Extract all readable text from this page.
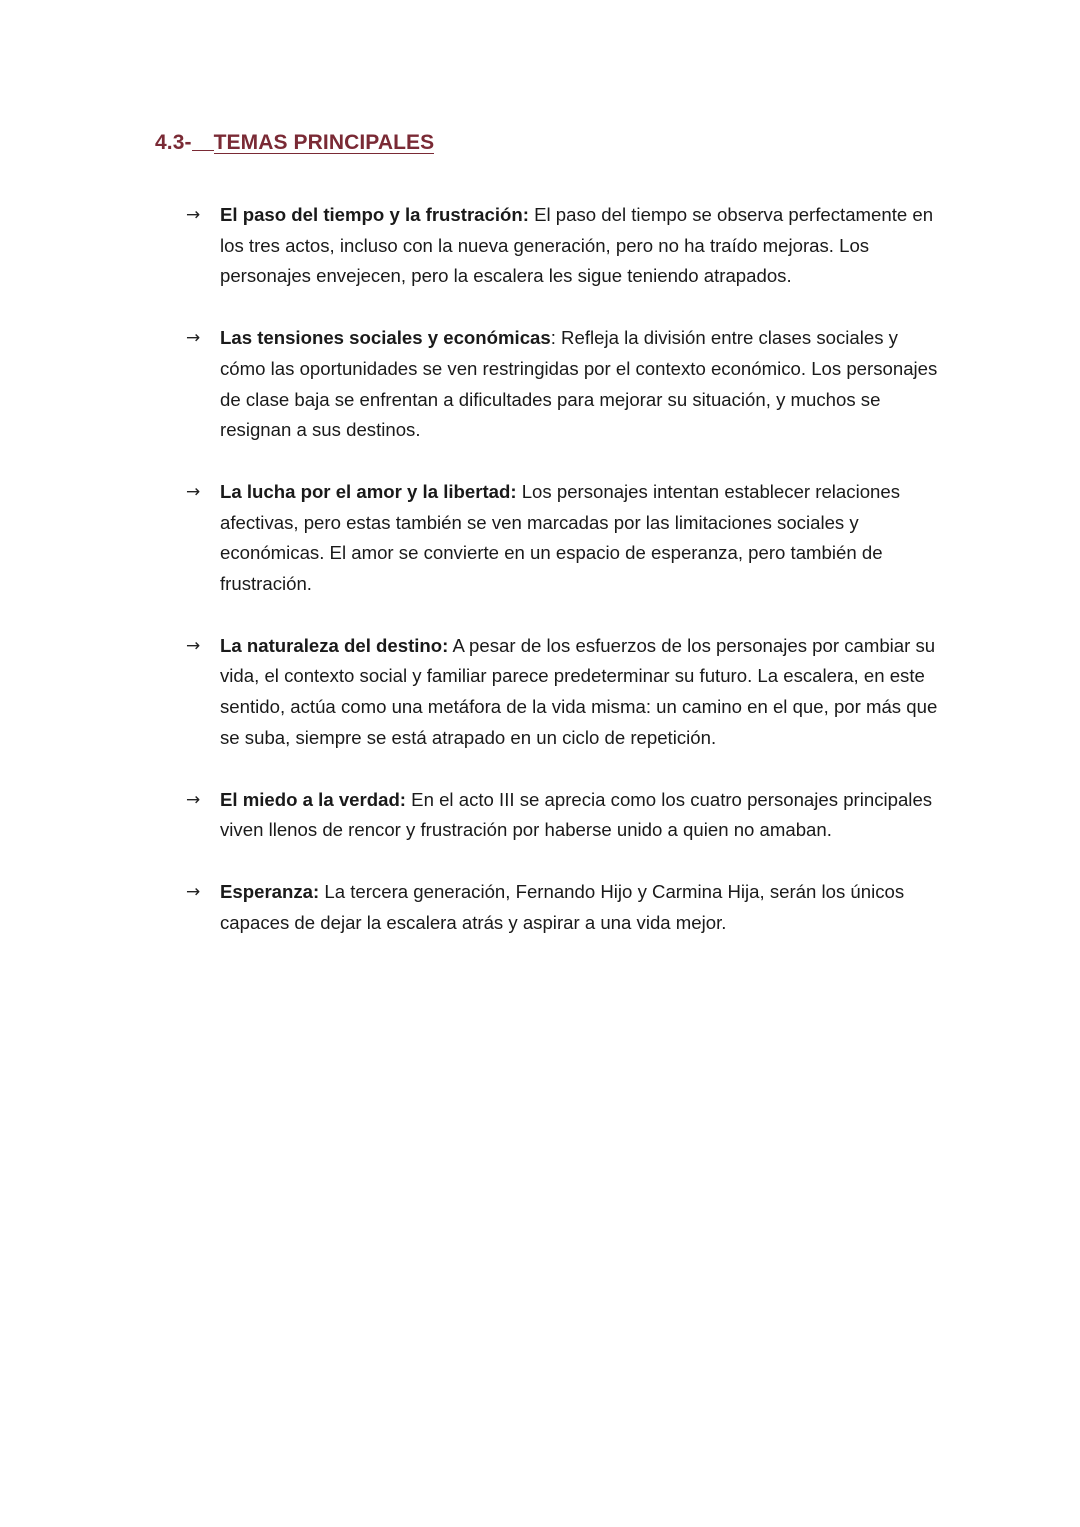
4.3- TEMAS PRINCIPALES
→ El paso del tiempo y la frustración: El paso del tiempo se observa perfectamente en los tres actos, incluso con la nueva generación, pero no ha traído mejoras. Los personajes envejecen, pero la escalera les sigue teniendo atrapados.
→ Las tensiones sociales y económicas: Refleja la división entre clases sociales y cómo las oportunidades se ven restringidas por el contexto económico. Los personajes de clase baja se enfrentan a dificultades para mejorar su situación, y muchos se resignan a sus destinos.
→ La lucha por el amor y la libertad: Los personajes intentan establecer relaciones afectivas, pero estas también se ven marcadas por las limitaciones sociales y económicas. El amor se convierte en un espacio de esperanza, pero también de frustración.
→ La naturaleza del destino: A pesar de los esfuerzos de los personajes por cambiar su vida, el contexto social y familiar parece predeterminar su futuro. La escalera, en este sentido, actúa como una metáfora de la vida misma: un camino en el que, por más que se suba, siempre se está atrapado en un ciclo de repetición.
→ El miedo a la verdad: En el acto III se aprecia como los cuatro personajes principales viven llenos de rencor y frustración por haberse unido a quien no amaban.
→ Esperanza: La tercera generación, Fernando Hijo y Carmina Hija, serán los únicos capaces de dejar la escalera atrás y aspirar a una vida mejor.
